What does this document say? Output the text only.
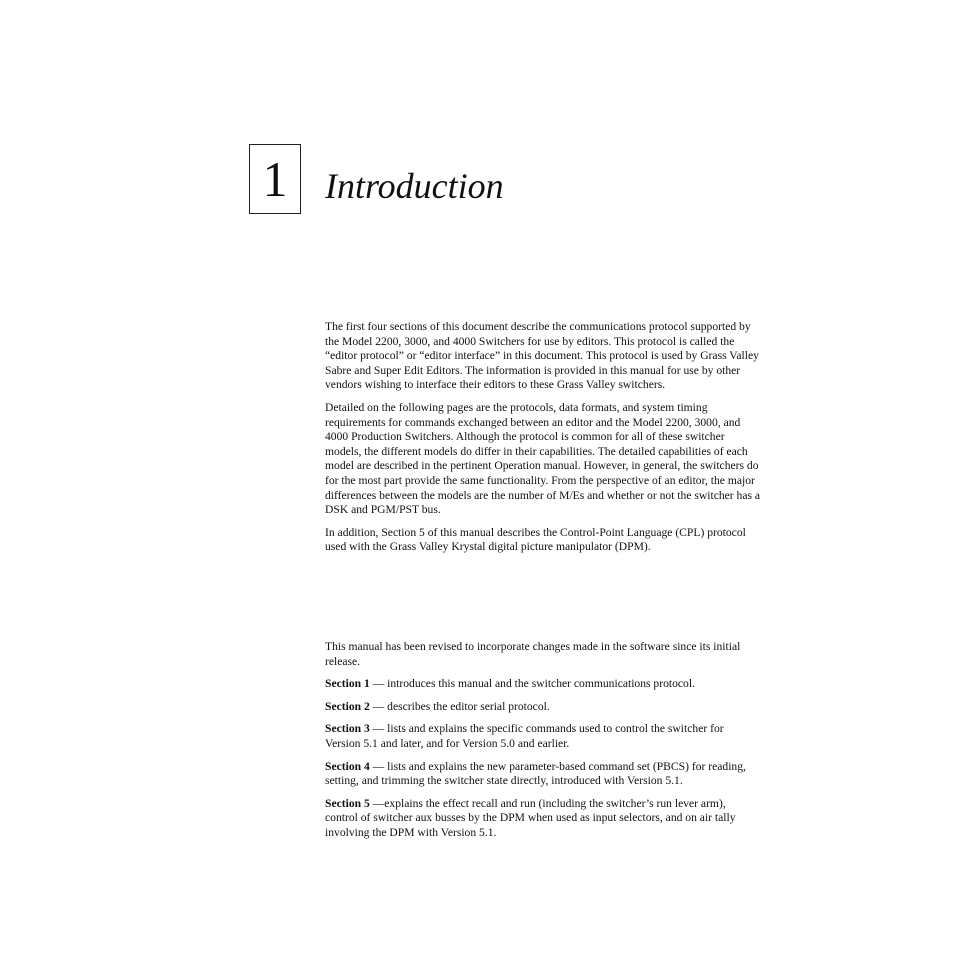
1 Introduction

The first four sections of this document describe the communications protocol supported by the Model 2200, 3000, and 4000 Switchers for use by editors. This protocol is called the “editor protocol” or “editor interface” in this document. This protocol is used by Grass Valley Sabre and Super Edit Editors. The information is provided in this manual for use by other vendors wishing to interface their editors to these Grass Valley switchers.

Detailed on the following pages are the protocols, data formats, and system timing requirements for commands exchanged between an editor and the Model 2200, 3000, and 4000 Production Switchers. Although the protocol is common for all of these switcher models, the different models do differ in their capabilities. The detailed capabilities of each model are described in the pertinent Operation manual. However, in general, the switchers do for the most part provide the same functionality. From the perspective of an editor, the major differences between the models are the number of M/Es and whether or not the switcher has a DSK and PGM/PST bus.

In addition, Section 5 of this manual describes the Control-Point Language (CPL) protocol used with the Grass Valley Krystal digital picture manipulator (DPM).

This manual has been revised to incorporate changes made in the software since its initial release.

Section 1 — introduces this manual and the switcher communications protocol.

Section 2 — describes the editor serial protocol.

Section 3 — lists and explains the specific commands used to control the switcher for Version 5.1 and later, and for Version 5.0 and earlier.

Section 4 — lists and explains the new parameter-based command set (PBCS) for reading, setting, and trimming the switcher state directly, introduced with Version 5.1.

Section 5 —explains the effect recall and run (including the switcher’s run lever arm), control of switcher aux busses by the DPM when used as input selectors, and on air tally involving the DPM with Version 5.1.
